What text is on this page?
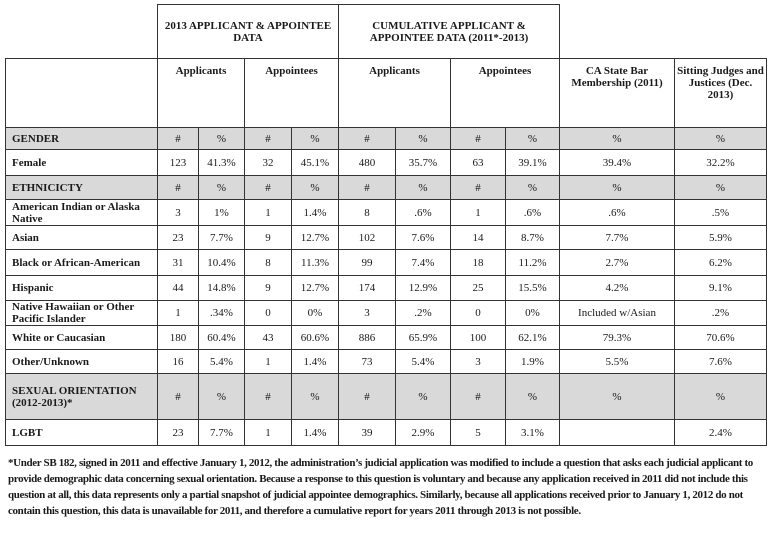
	2013 APPLICANT & APPOINTEE DATA				CUMULATIVE APPLICANT & APPOINTEE DATA (2011*-2013)					
	Applicants		Appointees		Applicants		Appointees		CA State Bar Membership (2011)	Sitting Judges and Justices (Dec. 2013)
GENDER	#	%	#	%	#	%	#	%	%	%
Female	123	41.3%	32	45.1%	480	35.7%	63	39.1%	39.4%	32.2%
ETHNICICTY	#	%	#	%	#	%	#	%	%	%
American Indian or Alaska Native	3	1%	1	1.4%	8	.6%	1	.6%	.6%	.5%
Asian	23	7.7%	9	12.7%	102	7.6%	14	8.7%	7.7%	5.9%
Black or African-American	31	10.4%	8	11.3%	99	7.4%	18	11.2%	2.7%	6.2%
Hispanic	44	14.8%	9	12.7%	174	12.9%	25	15.5%	4.2%	9.1%
Native Hawaiian or Other Pacific Islander	1	.34%	0	0%	3	.2%	0	0%	Included w/Asian	.2%
White or Caucasian	180	60.4%	43	60.6%	886	65.9%	100	62.1%	79.3%	70.6%
Other/Unknown	16	5.4%	1	1.4%	73	5.4%	3	1.9%	5.5%	7.6%
SEXUAL ORIENTATION (2012-2013)*	#	%	#	%	#	%	#	%	%	%
LGBT	23	7.7%	1	1.4%	39	2.9%	5	3.1%		2.4%
*Under SB 182, signed in 2011 and effective January 1, 2012, the administration’s judicial application was modified to include a question that asks each judicial applicant to provide demographic data concerning sexual orientation. Because a response to this question is voluntary and because any application received in 2011 did not include this question at all, this data represents only a partial snapshot of judicial appointee demographics. Similarly, because all applications received prior to January 1, 2012 do not contain this question, this data is unavailable for 2011, and therefore a cumulative report for years 2011 through 2013 is not possible.
